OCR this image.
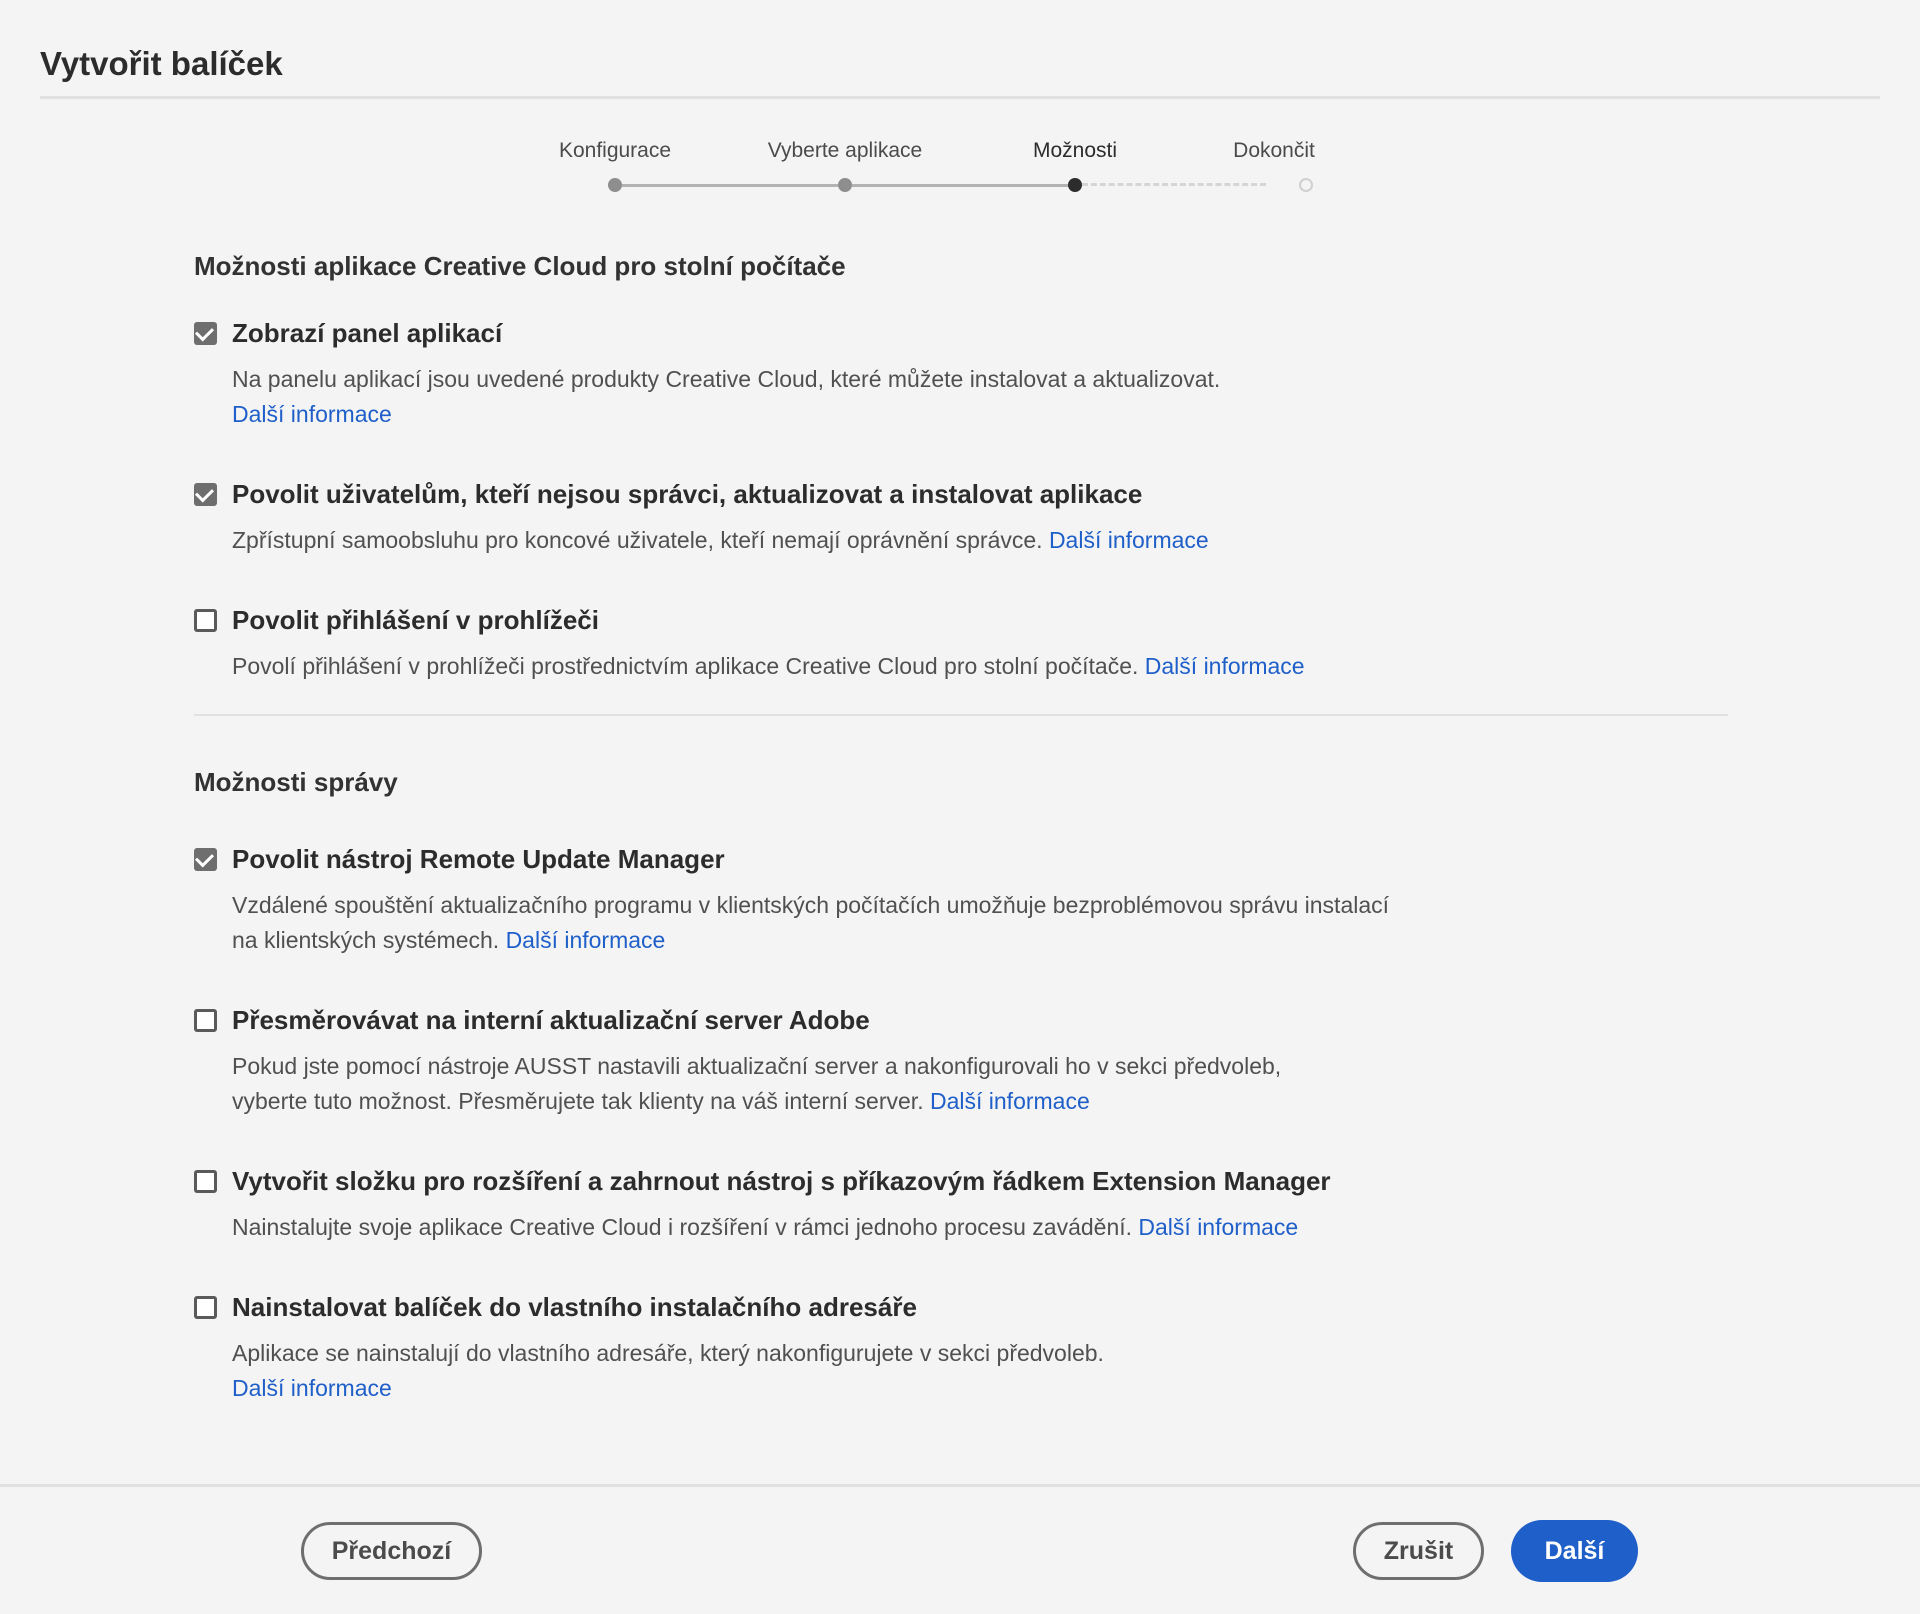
Vytvořit balíček
Konfigurace	Vyberte aplikace	Možnosti	Dokončit
Možnosti aplikace Creative Cloud pro stolní počítače
Zobrazí panel aplikací
Na panelu aplikací jsou uvedené produkty Creative Cloud, které můžete instalovat a aktualizovat.
Další informace
Povolit uživatelům, kteří nejsou správci, aktualizovat a instalovat aplikace
Zpřístupní samoobsluhu pro koncové uživatele, kteří nemají oprávnění správce. Další informace
Povolit přihlášení v prohlížeči
Povolí přihlášení v prohlížeči prostřednictvím aplikace Creative Cloud pro stolní počítače. Další informace
Možnosti správy
Povolit nástroj Remote Update Manager
Vzdálené spouštění aktualizačního programu v klientských počítačích umožňuje bezproblémovou správu instalací na klientských systémech. Další informace
Přesměrovávat na interní aktualizační server Adobe
Pokud jste pomocí nástroje AUSST nastavili aktualizační server a nakonfigurovali ho v sekci předvoleb, vyberte tuto možnost. Přesměrujete tak klienty na váš interní server. Další informace
Vytvořit složku pro rozšíření a zahrnout nástroj s příkazovým řádkem Extension Manager
Nainstalujte svoje aplikace Creative Cloud i rozšíření v rámci jednoho procesu zavádění. Další informace
Nainstalovat balíček do vlastního instalačního adresáře
Aplikace se nainstalují do vlastního adresáře, který nakonfigurujete v sekci předvoleb.
Další informace
Předchozí	Zrušit	Další
